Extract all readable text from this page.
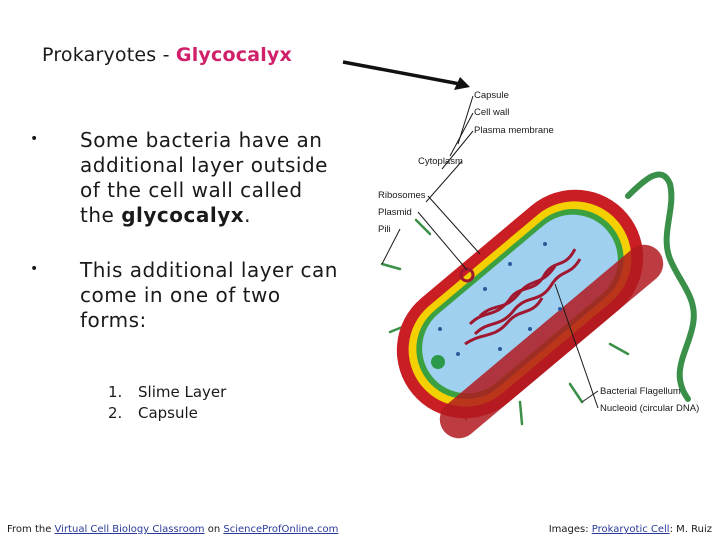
Prokaryotes - Glycocalyx
•	Some bacteria have an additional layer outside of the cell wall called the glycocalyx.
•	This additional layer can come in one of two forms:
1. Slime Layer
2. Capsule
Capsule
Cell wall
Plasma membrane
Cytoplasm
Ribosomes
Plasmid
Pili
Bacterial Flagellum
Nucleoid (circular DNA)
From the Virtual Cell Biology Classroom on ScienceProfOnline.com	Images: Prokaryotic Cell: M. Ruiz
